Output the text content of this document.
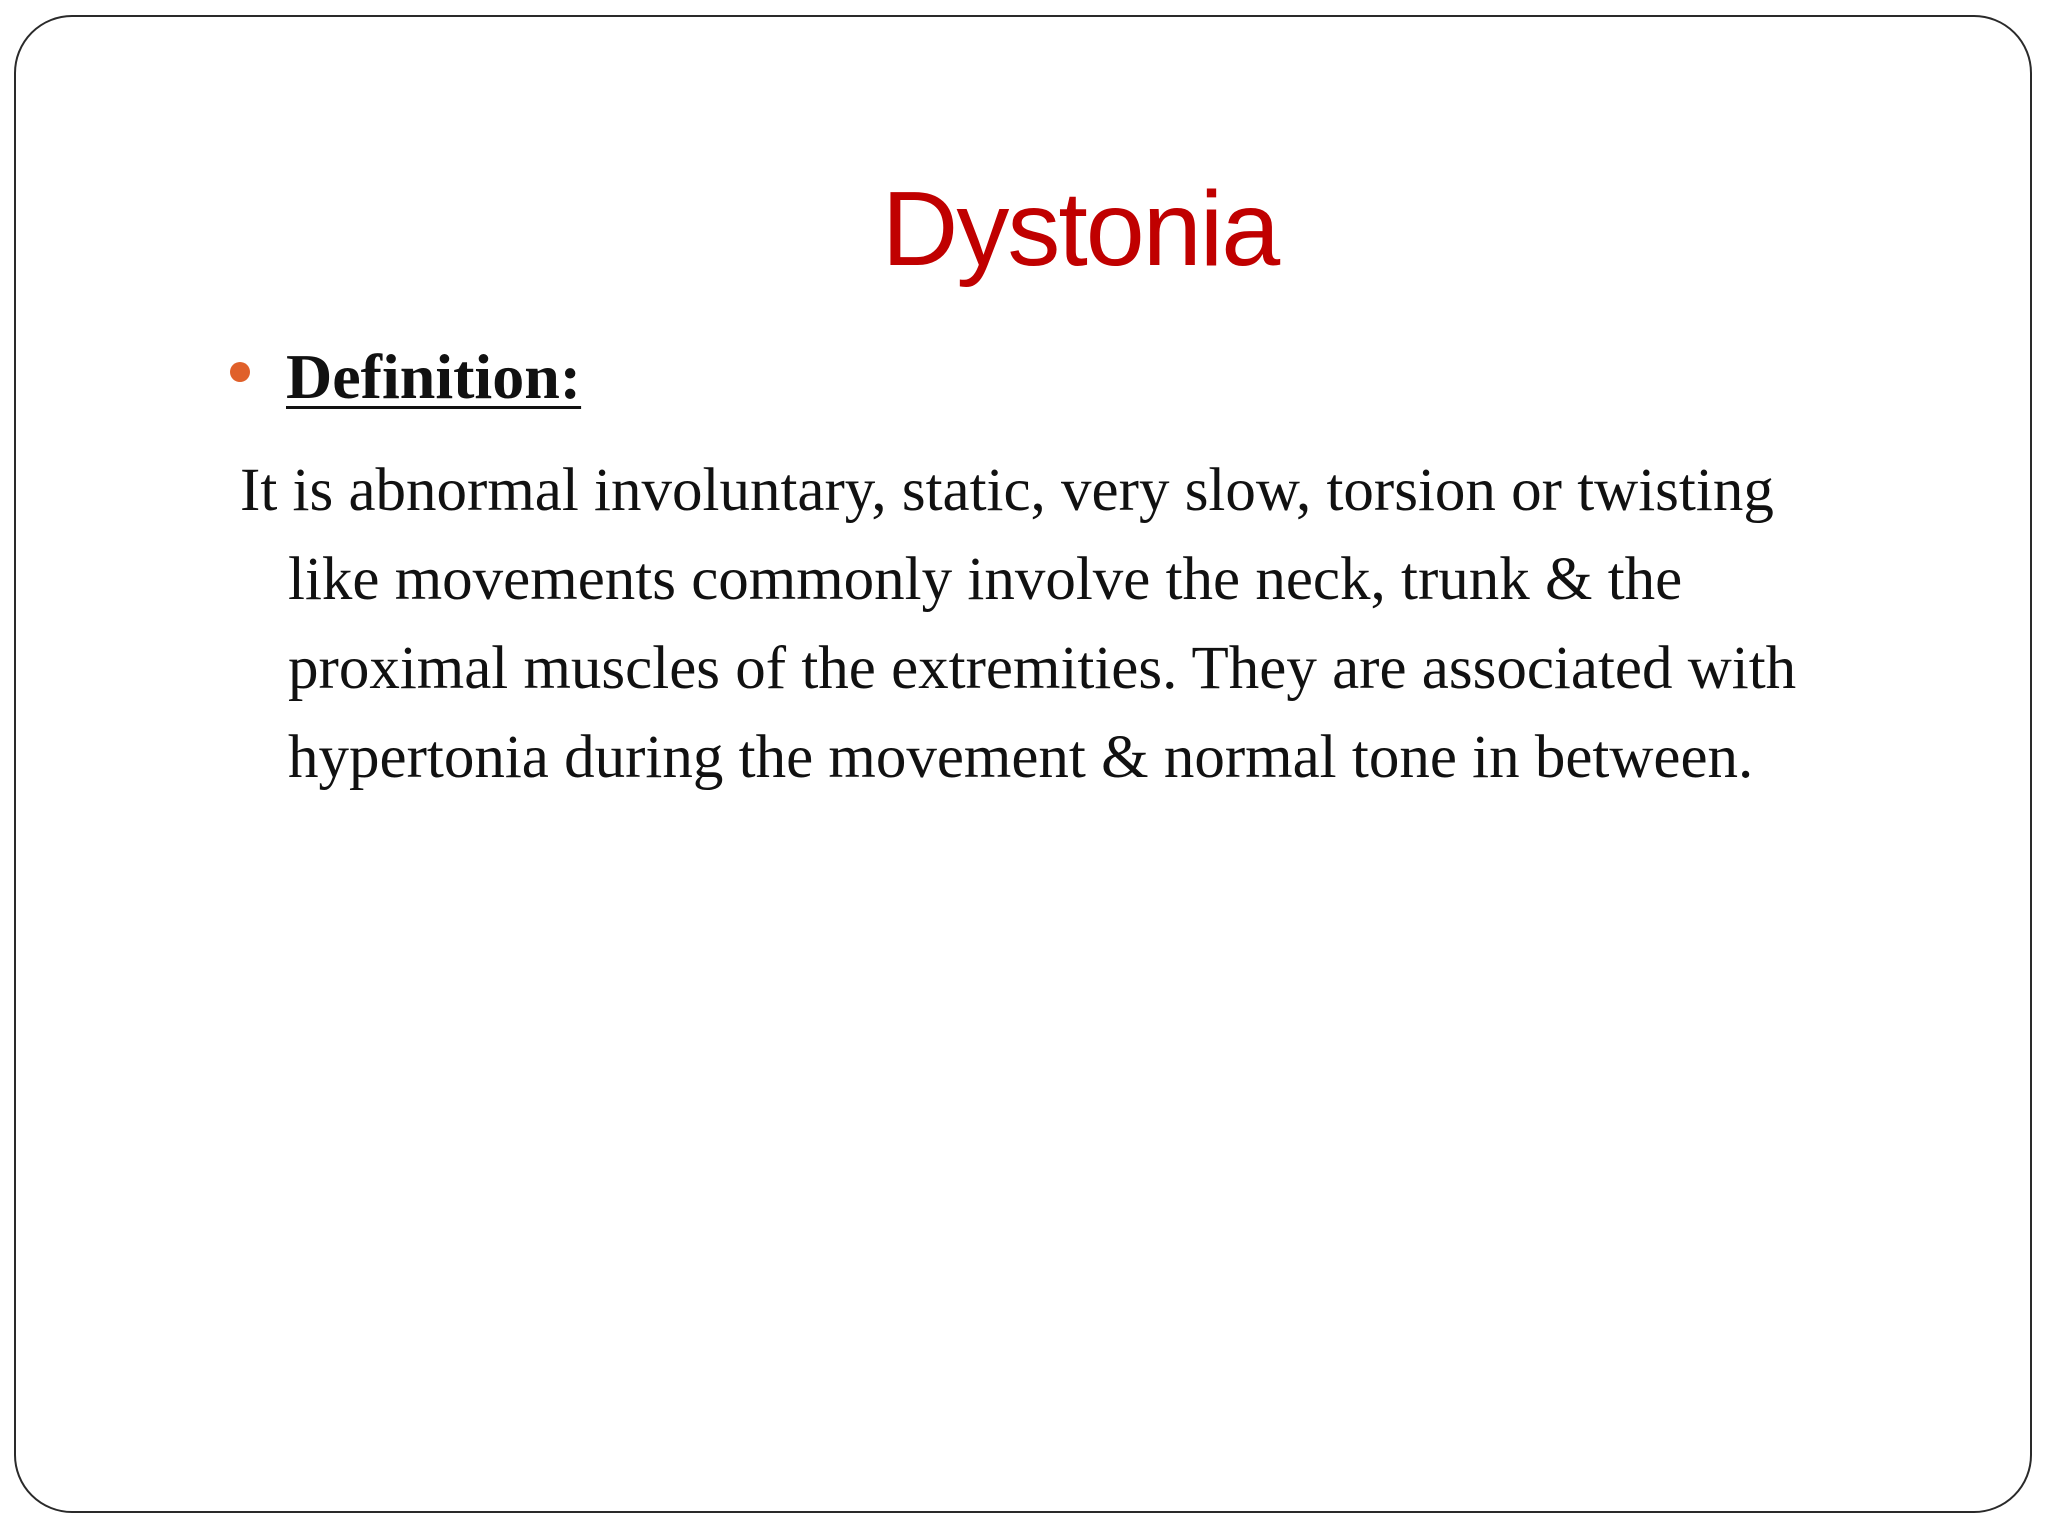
Dystonia
Definition:
It is abnormal involuntary, static, very slow, torsion or twisting
like movements commonly involve the neck, trunk & the
proximal muscles of the extremities. They are associated with
hypertonia during the movement & normal tone in between.
